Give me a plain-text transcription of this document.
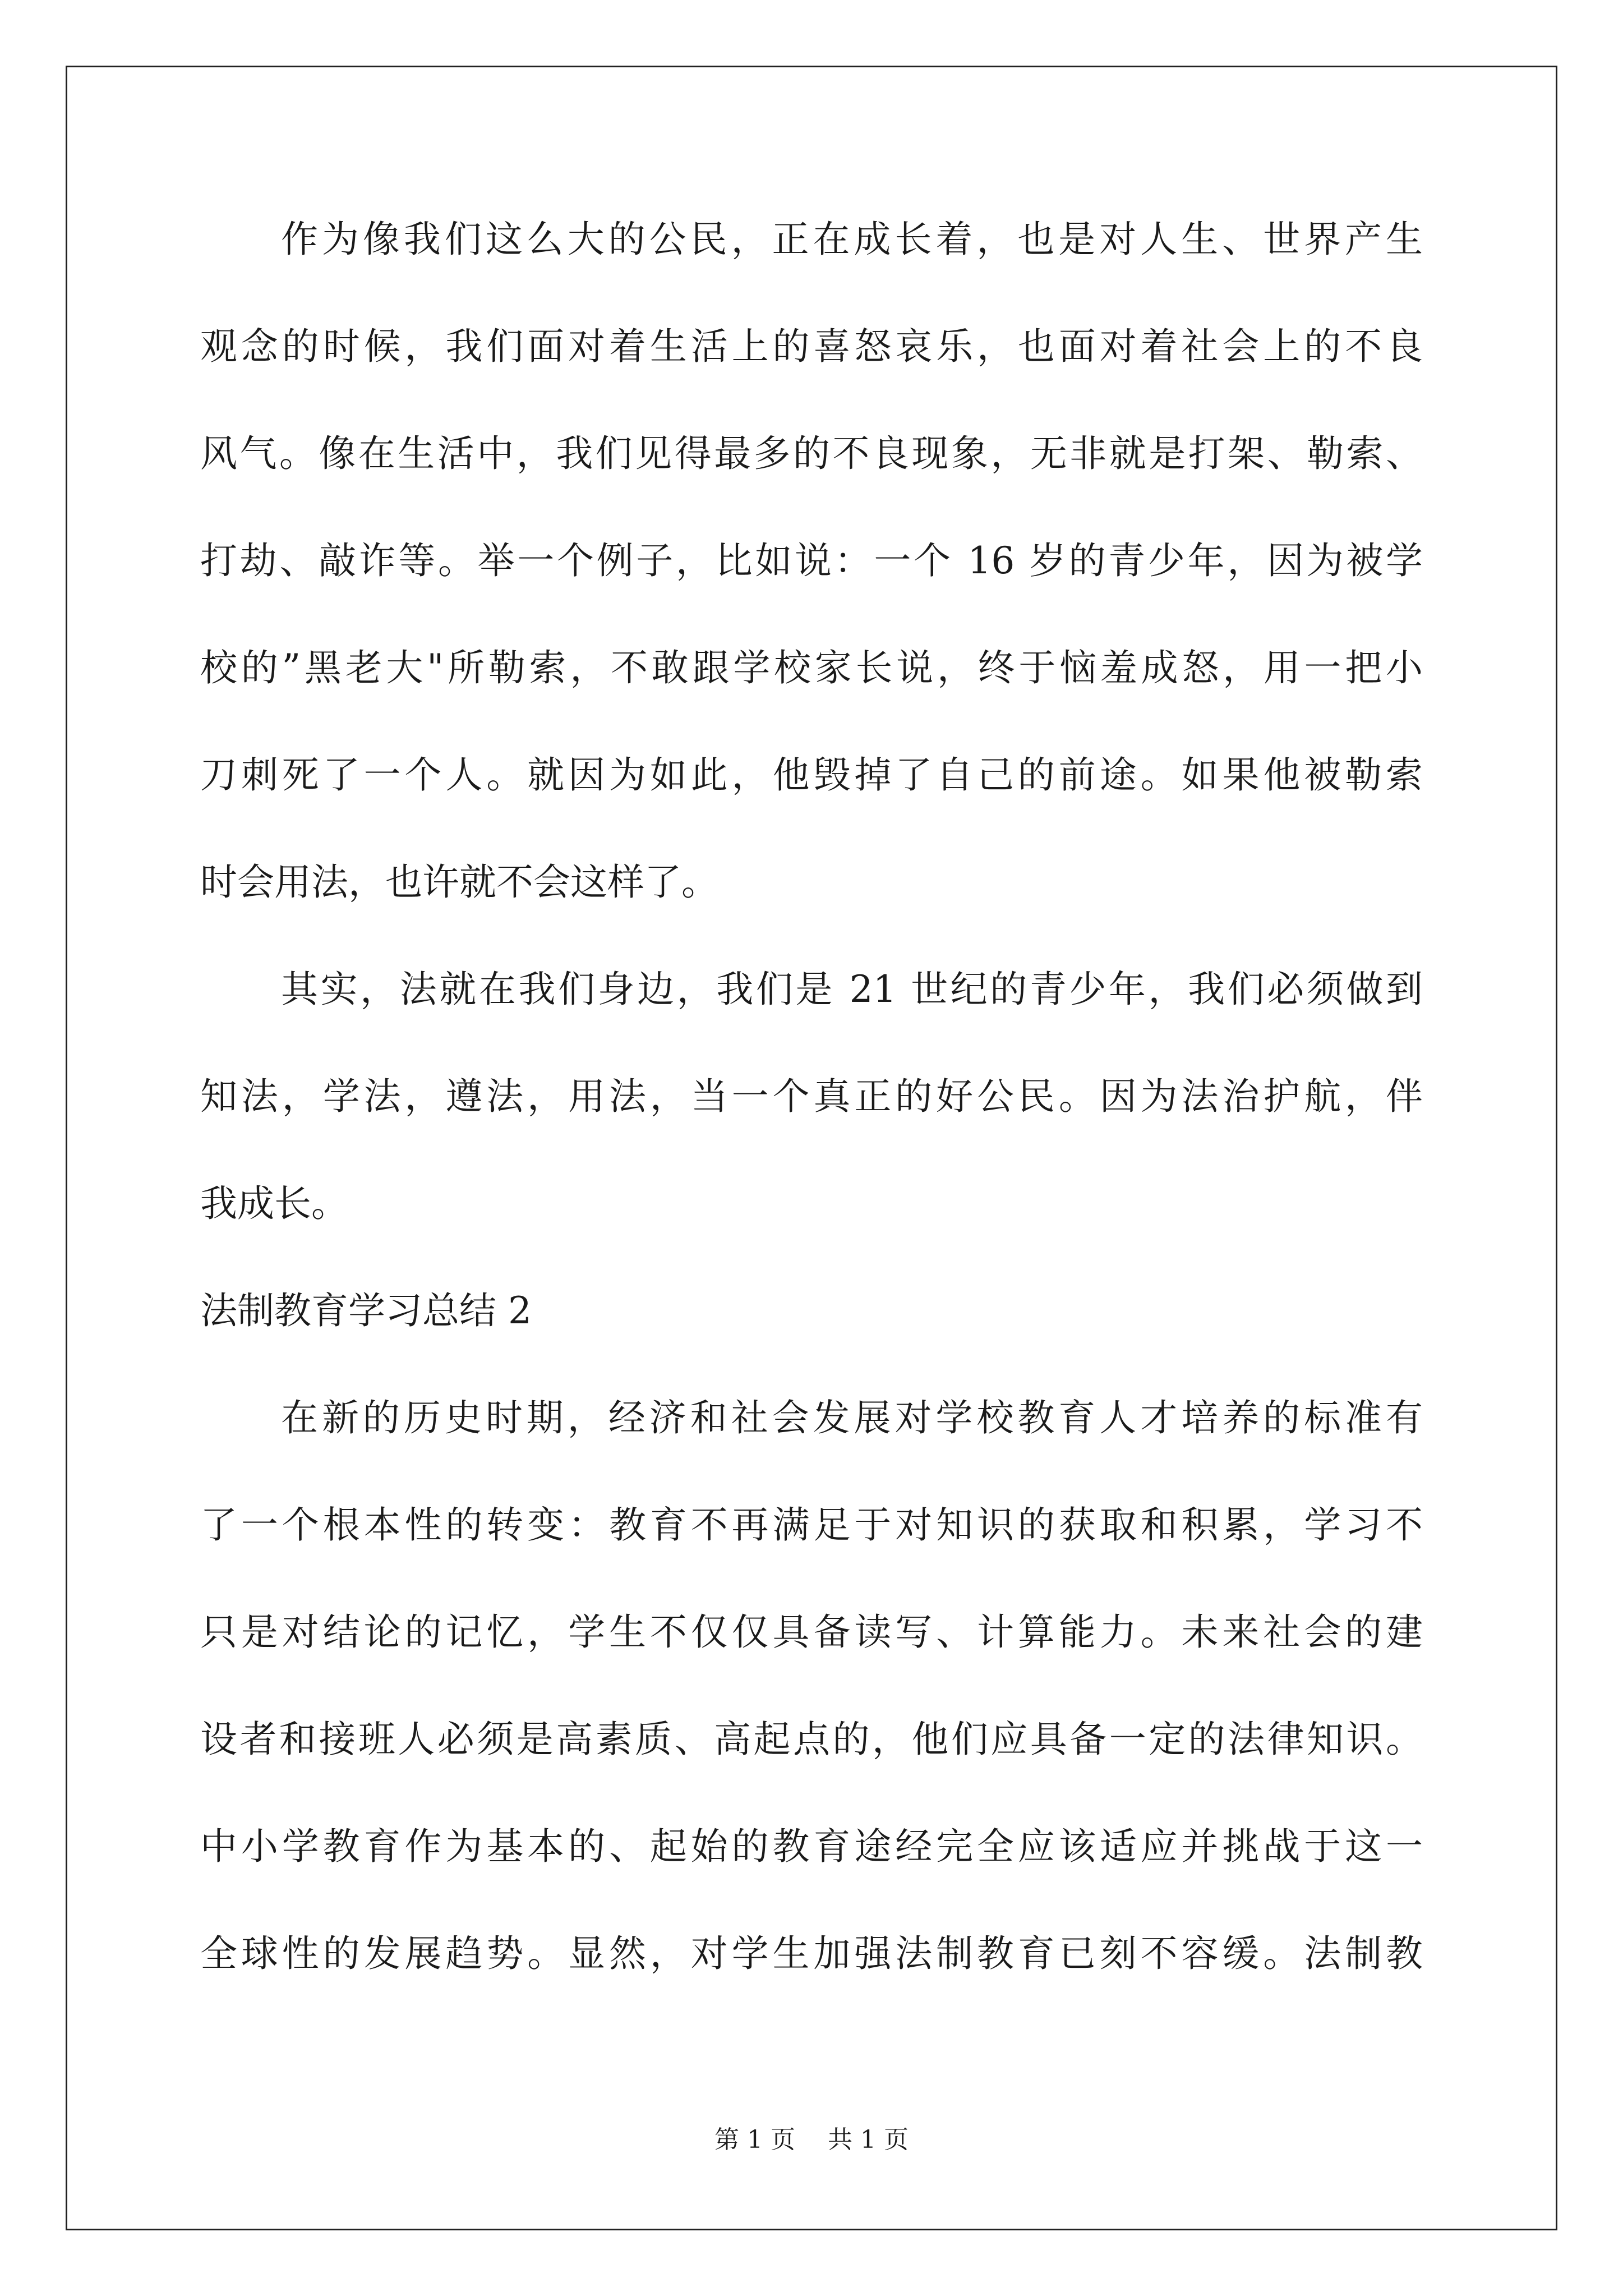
作为像我们这么大的公民，正在成长着，也是对人生、世界产生
观念的时候，我们面对着生活上的喜怒哀乐，也面对着社会上的不良
风气。像在生活中，我们见得最多的不良现象，无非就是打架、勒索、
打劫、敲诈等。举一个例子，比如说：一个 16 岁的青少年，因为被学
校的”黑老大"所勒索，不敢跟学校家长说，终于恼羞成怒，用一把小
刀刺死了一个人。就因为如此，他毁掉了自己的前途。如果他被勒索
时会用法，也许就不会这样了。
其实，法就在我们身边，我们是 21 世纪的青少年，我们必须做到
知法，学法，遵法，用法，当一个真正的好公民。因为法治护航，伴
我成长。
法制教育学习总结 2
在新的历史时期，经济和社会发展对学校教育人才培养的标准有
了一个根本性的转变：教育不再满足于对知识的获取和积累，学习不
只是对结论的记忆，学生不仅仅具备读写、计算能力。未来社会的建
设者和接班人必须是高素质、高起点的，他们应具备一定的法律知识。
中小学教育作为基本的、起始的教育途经完全应该适应并挑战于这一
全球性的发展趋势。显然，对学生加强法制教育已刻不容缓。法制教
第 1 页 共 1 页
